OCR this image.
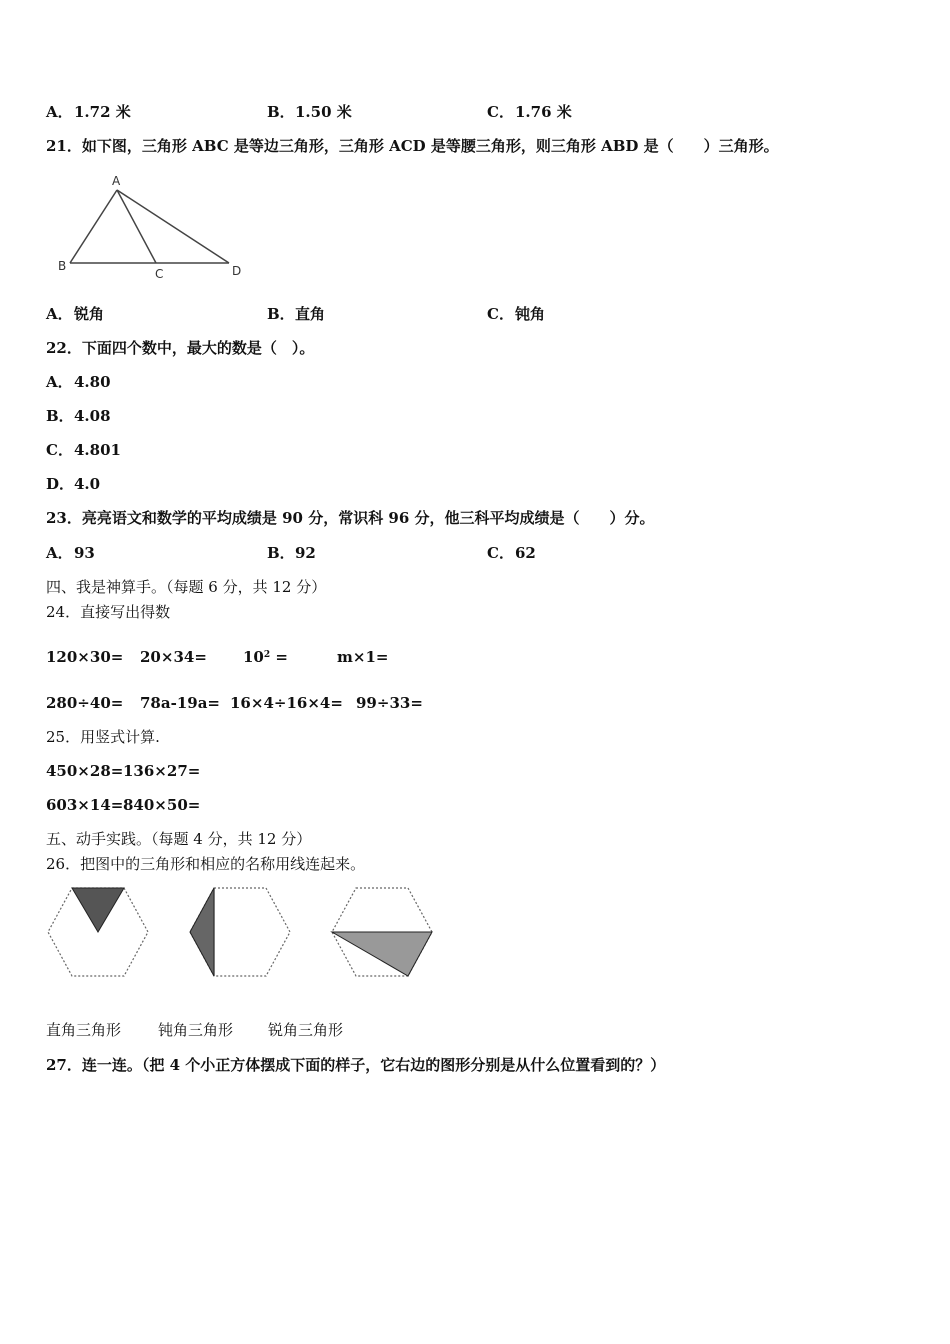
A．1.72 米	B．1.50 米	C．1.76 米
21．如下图，三角形 ABC 是等边三角形，三角形 ACD 是等腰三角形，则三角形 ABD 是（　　）三角形。
A
B
C	D
A．锐角	B．直角	C．钝角
22．下面四个数中，最大的数是（　）。
A．4.80
B．4.08
C．4.801
D．4.0
23．亮亮语文和数学的平均成绩是 90 分，常识科 96 分，他三科平均成绩是（　　）分。
A．93	B．92	C．62
四、我是神算手。（每题 6 分，共 12 分）
24．直接写出得数
$120\times 30= 20\times 34= 10^2$ =	m×1=
280÷40= 78a-19a= 16×4÷16×4= 99÷33=
25．用竖式计算.
450×28= 136×27=
603×14= 840×50=
五、动手实践。（每题 4 分，共 12 分）
26．把图中的三角形和相应的名称用线连起来。
直角三角形 钝角三角形 锐角三角形
27．连一连。（把 4 个小正方体摆成下面的样子，它右边的图形分别是从什么位置看到的？）
